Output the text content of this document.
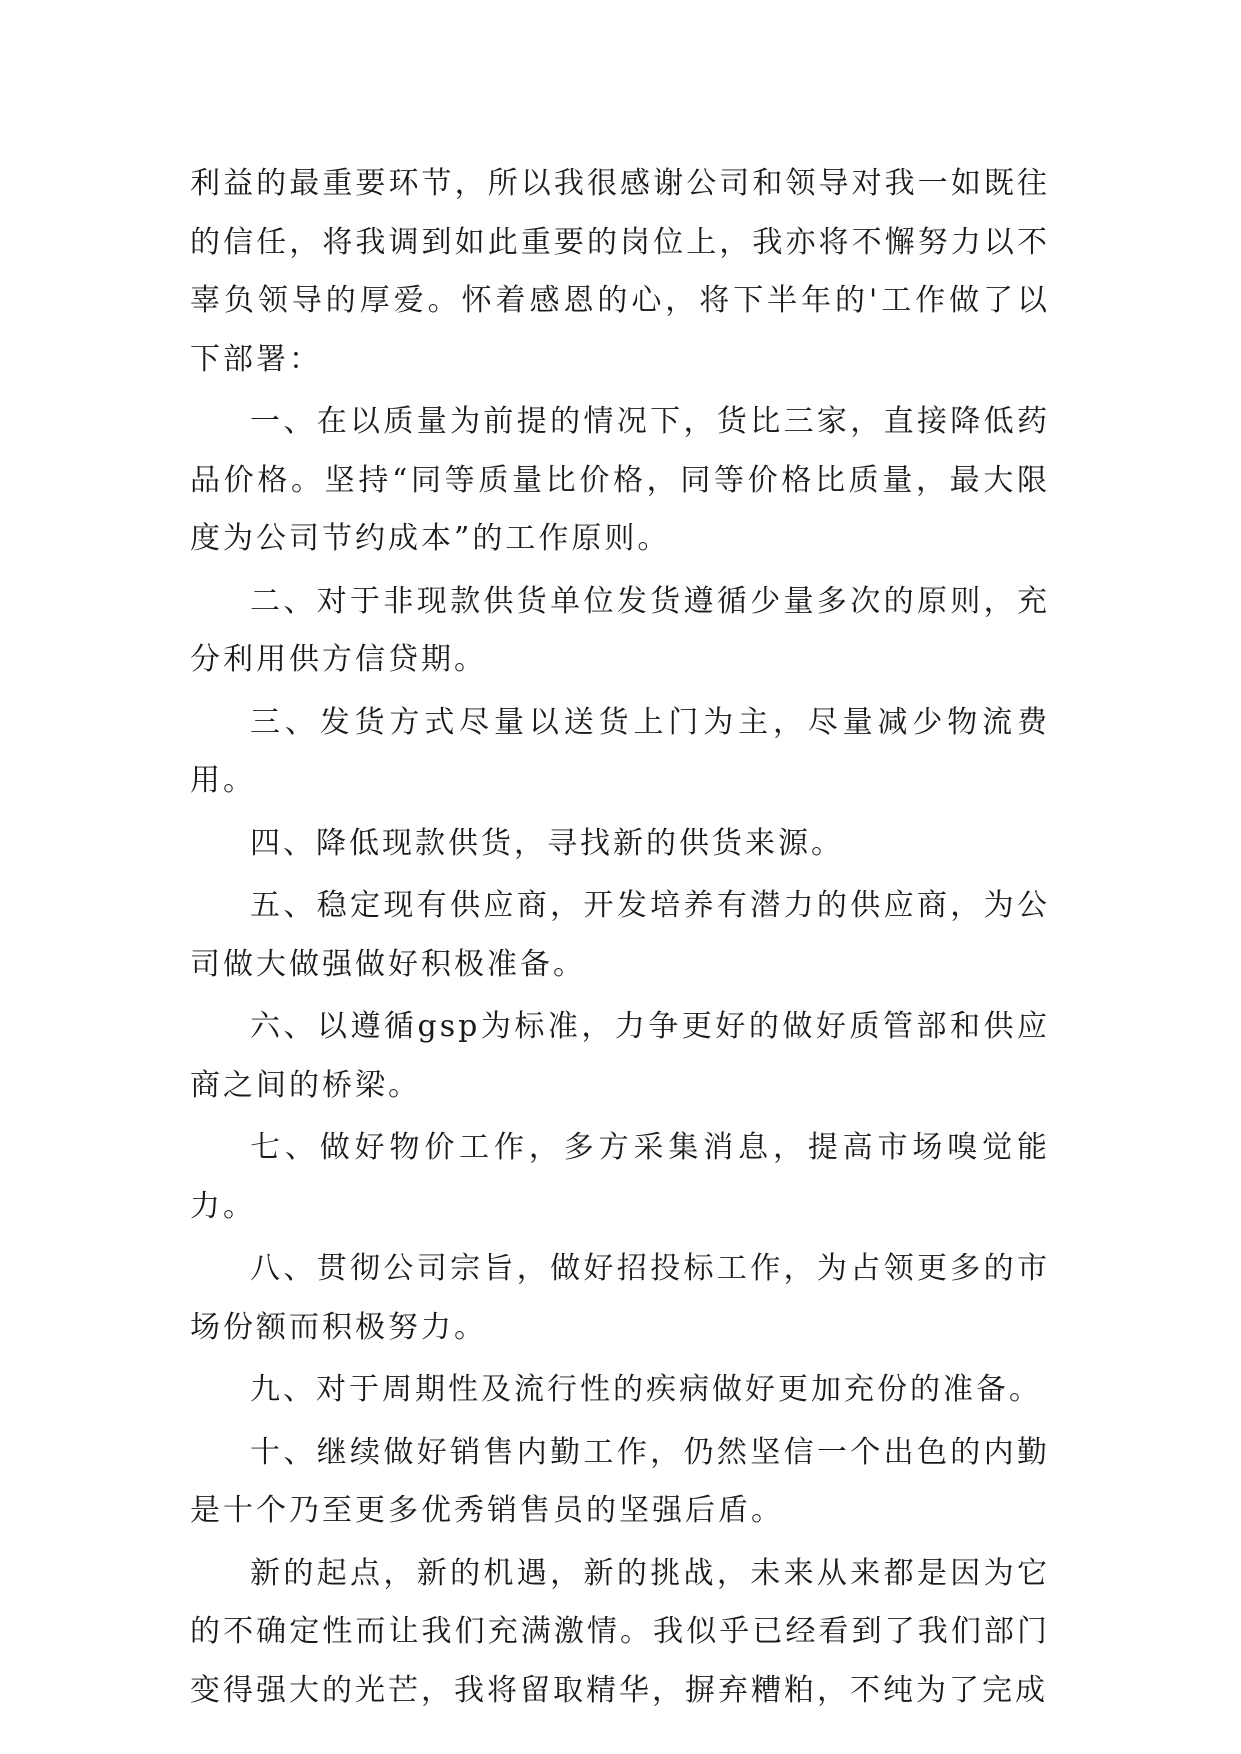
利益的最重要环节，所以我很感谢公司和领导对我一如既往的信任，将我调到如此重要的岗位上，我亦将不懈努力以不辜负领导的厚爱。怀着感恩的心，将下半年的'工作做了以下部署：

一、在以质量为前提的情况下，货比三家，直接降低药品价格。坚持“同等质量比价格，同等价格比质量，最大限度为公司节约成本”的工作原则。

二、对于非现款供货单位发货遵循少量多次的原则，充分利用供方信贷期。

三、发货方式尽量以送货上门为主，尽量减少物流费用。

四、降低现款供货，寻找新的供货来源。

五、稳定现有供应商，开发培养有潜力的供应商，为公司做大做强做好积极准备。

六、以遵循gsp为标准，力争更好的做好质管部和供应商之间的桥梁。

七、做好物价工作，多方采集消息，提高市场嗅觉能力。

八、贯彻公司宗旨，做好招投标工作，为占领更多的市场份额而积极努力。

九、对于周期性及流行性的疾病做好更加充份的准备。

十、继续做好销售内勤工作，仍然坚信一个出色的内勤是十个乃至更多优秀销售员的坚强后盾。

新的起点，新的机遇，新的挑战，未来从来都是因为它的不确定性而让我们充满激情。我似乎已经看到了我们部门变得强大的光芒，我将留取精华，摒弃糟粕，不纯为了完成
